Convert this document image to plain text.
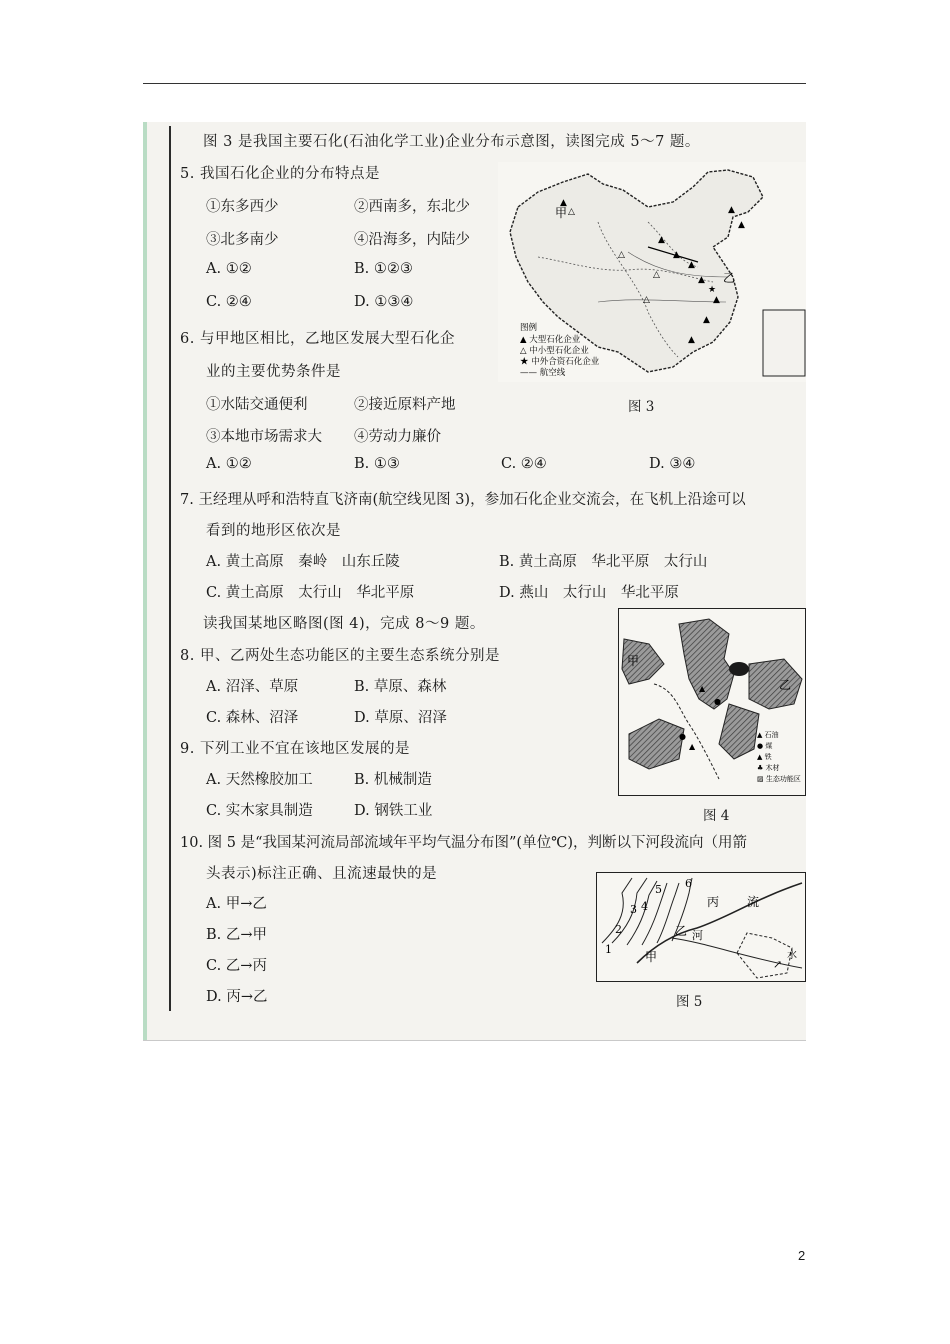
图 3 是我国主要石化(石油化学工业)企业分布示意图，读图完成 5～7 题。
5. 我国石化企业的分布特点是
①东多西少	②西南多，东北少
③北多南少	④沿海多，内陆少
A. ①②	B. ①②③
C. ②④	D. ①③④
6. 与甲地区相比，乙地区发展大型石化企
业的主要优势条件是
①水陆交通便利	②接近原料产地
③本地市场需求大 ④劳动力廉价
A. ①②	B. ①③	C. ②④	D. ③④
7. 王经理从呼和浩特直飞济南(航空线见图 3)，参加石化企业交流会，在飞机上沿途可以
看到的地形区依次是
A. 黄土高原　秦岭　山东丘陵	B. 黄土高原　华北平原　太行山
C. 黄土高原　太行山　华北平原	D. 燕山　太行山　华北平原
读我国某地区略图(图 4)，完成 8～9 题。
8. 甲、乙两处生态功能区的主要生态系统分别是
A. 沼泽、草原	B. 草原、森林
C. 森林、沼泽	D. 草原、沼泽
9. 下列工业不宜在该地区发展的是
A. 天然橡胶加工	B. 机械制造
C. 实木家具制造	D. 钢铁工业
10. 图 5 是“我国某河流局部流域年平均气温分布图”(单位℃)，判断以下河段流向（用箭
头表示)标注正确、且流速最快的是
A. 甲→乙
B. 乙→甲
C. 乙→丙
D. 丙→乙
甲
乙
▲
△
△
▲
▲
▲
▲
★
▲
▲
▲
△
△
▲
▲
图例
▲ 大型石化企业
△ 中小型石化企业
★ 中外合资石化企业
—— 航空线
图 3
甲
乙
▲
●
▲
●	▲ 石油
● 煤
▲ 铁
♣ 木材
▨ 生态功能区
图 4
1
2
3 4
5 6
甲
乙
丙 流
河
水
↗
图 5
2
